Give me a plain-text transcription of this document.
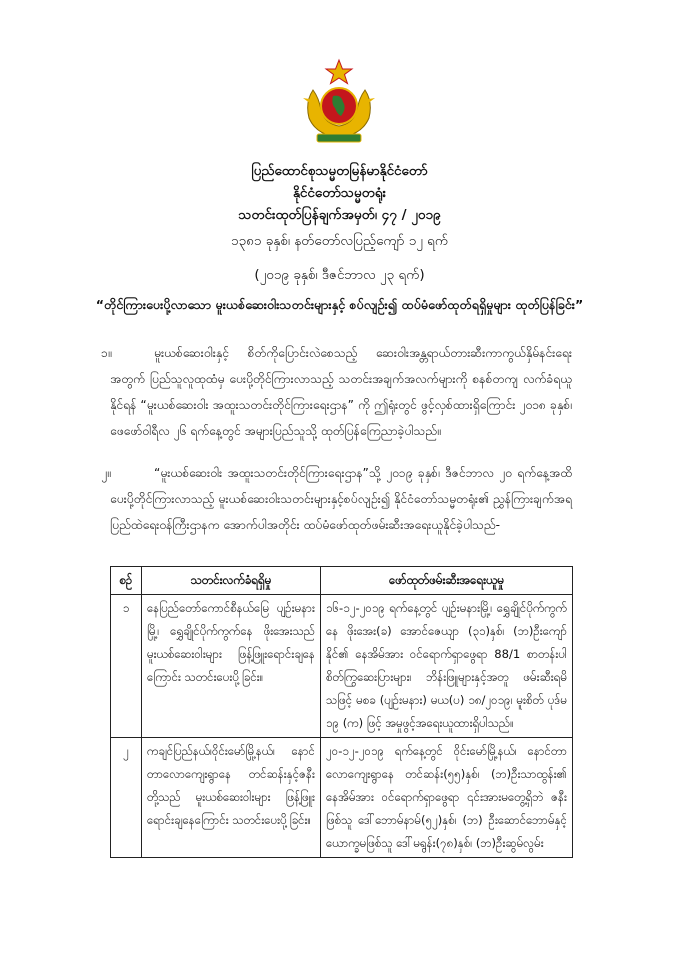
ပြည်ထောင်စုသမ္မတမြန်မာနိုင်ငံတော်
နိုင်ငံတော်သမ္မတရုံး
သတင်းထုတ်ပြန်ချက်အမှတ်၊ ၄၇ / ၂၀၁၉
၁၃၈၁ ခုနှစ်၊ နတ်တော်လပြည့်ကျော် ၁၂ ရက်
(၂၀၁၉ ခုနှစ်၊ ဒီဇင်ဘာလ ၂၃ ရက်)
“တိုင်ကြားပေးပို့လာသော မူးယစ်ဆေးဝါးသတင်းများနှင့် စပ်လျဉ်း၍ ထပ်မံဖော်ထုတ်ရရှိမှုများ ထုတ်ပြန်ခြင်း”
၁။	မူးယစ်ဆေးဝါးနှင့် စိတ်ကိုပြောင်းလဲစေသည့် ဆေးဝါးအန္တရာယ်တားဆီးကာကွယ်နှိမ်နင်းရေးအတွက် ပြည်သူလူထုထံမှ ပေးပို့တိုင်ကြားလာသည့် သတင်းအချက်အလက်များကို စနစ်တကျ လက်ခံရယူနိုင်ရန် “မူးယစ်ဆေးဝါး အထူးသတင်းတိုင်ကြားရေးဌာန” ကို ဤရုံးတွင် ဖွင့်လှစ်ထားရှိကြောင်း ၂၀၁၈ ခုနှစ်၊ ဖေဖော်ဝါရီလ ၂၆ ရက်နေ့တွင် အများပြည်သူသို့ ထုတ်ပြန်ကြေညာခဲ့ပါသည်။
၂။	“မူးယစ်ဆေးဝါး အထူးသတင်းတိုင်ကြားရေးဌာန”သို့ ၂၀၁၉ ခုနှစ်၊ ဒီဇင်ဘာလ ၂၀ ရက်နေ့အထိ ပေးပို့တိုင်ကြားလာသည့် မူးယစ်ဆေးဝါးသတင်းများနှင့်စပ်လျဉ်း၍ နိုင်ငံတော်သမ္မတရုံး၏ ညွှန်ကြားချက်အရ ပြည်ထဲရေးဝန်ကြီးဌာနက အောက်ပါအတိုင်း ထပ်မံဖော်ထုတ်ဖမ်းဆီးအရေးယူနိုင်ခဲ့ပါသည်-
စဉ်	သတင်းလက်ခံရရှိမှု	ဖော်ထုတ်ဖမ်းဆီးအရေးယူမှု
၁	နေပြည်တော်ကောင်စီနယ်မြေ ပျဉ်းမနားမြို့၊ ရွှေချိုင်ပိုက်ကွက်နေ ဖိုးအေးသည် မူးယစ်ဆေးဝါးများ ဖြန့်ဖြူးရောင်းချနေကြောင်း သတင်းပေးပို့ခြင်း။	၁၆-၁၂-၂၀၁၉ ရက်နေ့တွင် ပျဉ်းမနားမြို့၊ ရွှေချိုင်ပိုက်ကွက်နေ ဖိုးအေး(ခ) အောင်ဇေယျာ (၃၁)နှစ်၊ (ဘ)ဦးကျော်နိုင်၏ နေအိမ်အား ဝင်ရောက်ရှာဖွေရာ 88/1 စာတန်းပါ စိတ်ကြွဆေးပြားများ၊ ဘိန်းဖြူများနှင့်အတူ ဖမ်းဆီးရမိသဖြင့် မစခ (ပျဉ်းမနား) မယ(ပ) ၁၈/၂၀၁၉၊ မူးစိတ် ပုဒ်မ ၁၉ (က) ဖြင့် အမှုဖွင့်အရေးယူထားရှိပါသည်။
၂	ကချင်ပြည်နယ်၊ဝိုင်းမော်မြို့နယ်၊ နောင်တာလောကျေးရွာနေ တင်ဆန်းနှင့်ဇနီးတို့သည် မူးယစ်ဆေးဝါးများ ဖြန့်ဖြူးရောင်းချနေကြောင်း သတင်းပေးပို့ခြင်း။	၂၀-၁၂-၂၀၁၉ ရက်နေ့တွင် ဝိုင်းမော်မြို့နယ်၊ နောင်တာလောကျေးရွာနေ တင်ဆန်း(၅၅)နှစ်၊ (ဘ)ဦးသာထွန်း၏ နေအိမ်အား ဝင်ရောက်ရှာဖွေရာ ၎င်းအားမတွေ့ရှိဘဲ ဇနီးဖြစ်သူ ဒေါ်ဘောမ်နာမ်(၅၂)နှစ်၊ (ဘ) ဦးဆောင်ဘောမ်နှင့် ယောက္ခမဖြစ်သူ ဒေါ်မရွန်း(၇၈)နှစ်၊ (ဘ)ဦးဆွမ်လွမ်း
